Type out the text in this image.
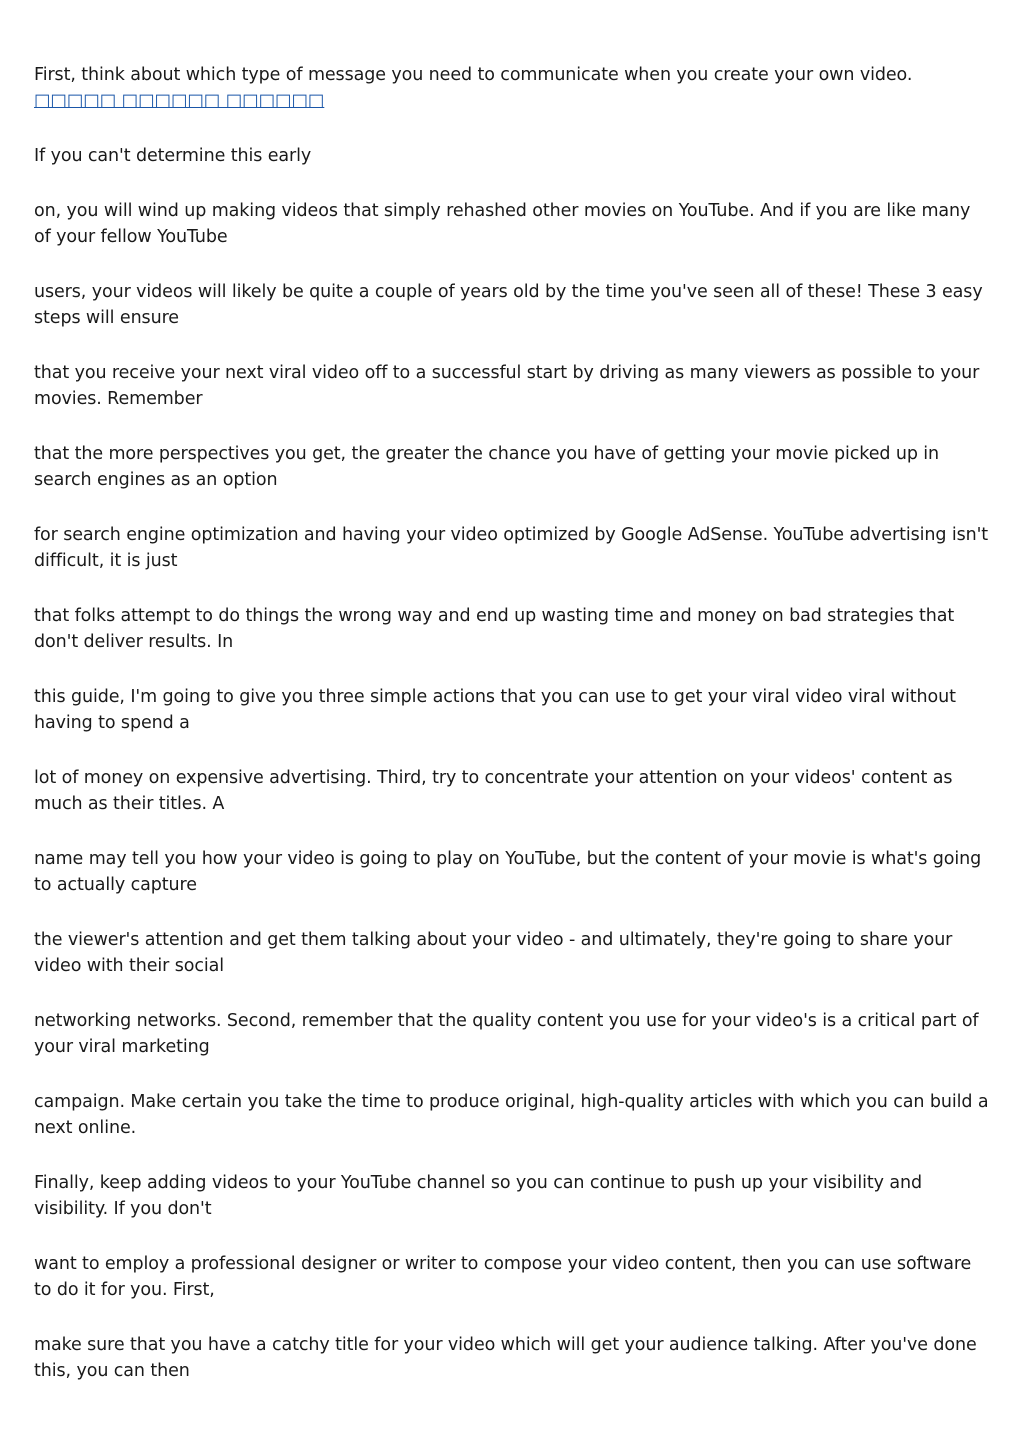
First, think about which type of message you need to communicate when you create your own video. □□□□□ □□□□□□ □□□□□□

If you can't determine this early

on, you will wind up making videos that simply rehashed other movies on YouTube. And if you are like many of your fellow YouTube

users, your videos will likely be quite a couple of years old by the time you've seen all of these! These 3 easy steps will ensure

that you receive your next viral video off to a successful start by driving as many viewers as possible to your movies. Remember

that the more perspectives you get, the greater the chance you have of getting your movie picked up in search engines as an option

for search engine optimization and having your video optimized by Google AdSense. YouTube advertising isn't difficult, it is just

that folks attempt to do things the wrong way and end up wasting time and money on bad strategies that don't deliver results. In

this guide, I'm going to give you three simple actions that you can use to get your viral video viral without having to spend a

lot of money on expensive advertising. Third, try to concentrate your attention on your videos' content as much as their titles. A

name may tell you how your video is going to play on YouTube, but the content of your movie is what's going to actually capture

the viewer's attention and get them talking about your video - and ultimately, they're going to share your video with their social

networking networks. Second, remember that the quality content you use for your video's is a critical part of your viral marketing

campaign. Make certain you take the time to produce original, high-quality articles with which you can build a next online.

Finally, keep adding videos to your YouTube channel so you can continue to push up your visibility and visibility. If you don't

want to employ a professional designer or writer to compose your video content, then you can use software to do it for you. First,

make sure that you have a catchy title for your video which will get your audience talking. After you've done this, you can then
